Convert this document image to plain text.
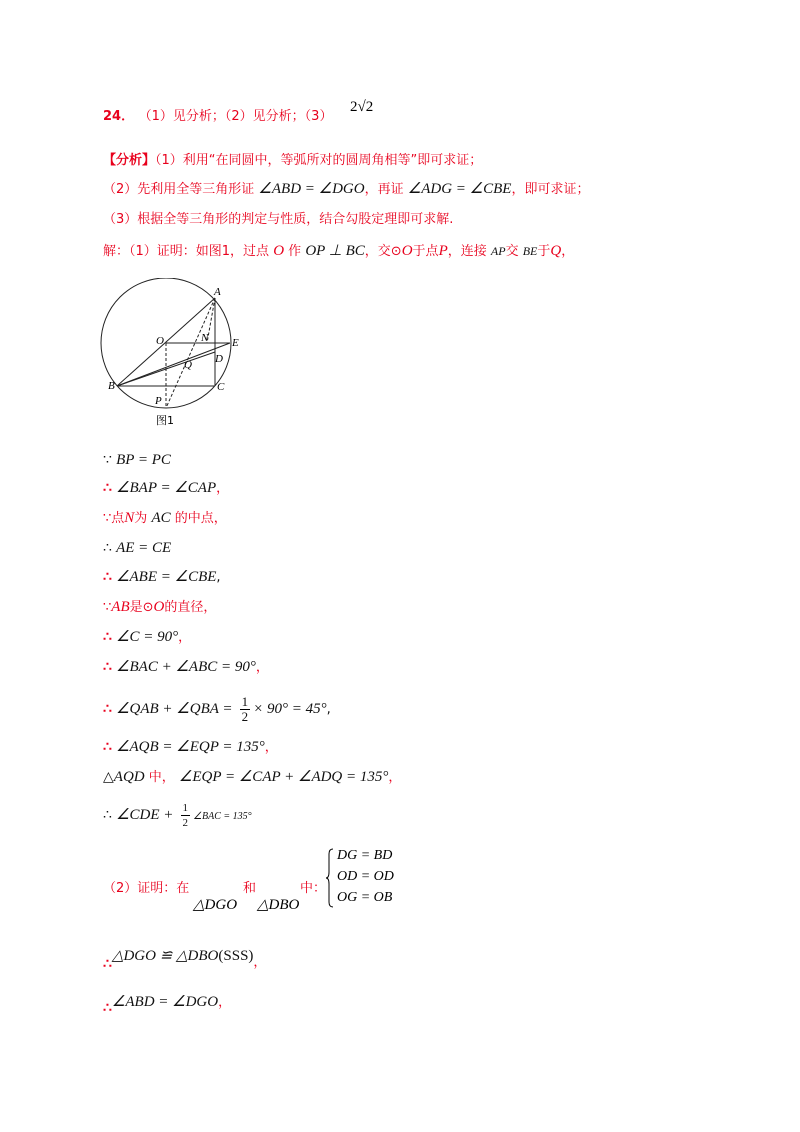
24． （1）见分析；（2）见分析；（3）
2√2
【分析】（1）利用“在同圆中，等弧所对的圆周角相等”即可求证；
（2）先利用全等三角形证 ∠ABD = ∠DGO，再证 ∠ADG = ∠CBE，即可求证；
（3）根据全等三角形的判定与性质，结合勾股定理即可求解.
解：（1）证明：如图1，过点 O 作 OP ⊥ BC，交⊙O于点P，连接 AP交 BE于Q，
A
O	N E
D
Q
B	C
P
图1
∵ BP = PC
∴ ∠BAP = ∠CAP，
∵点N为 AC 的中点，
∴ AE = CE
∴ ∠ABE = ∠CBE,
∵AB是⊙O的直径，
∴ ∠C = 90°，
∴ ∠BAC + ∠ABC = 90°，
∴ ∠QAB + ∠QBA = $\frac{1}{2} \times 90^\circ = 45^\circ$,
∴ ∠AQB = ∠EQP = 135°，
△AQD 中， ∠EQP = ∠CAP + ∠ADQ = 135°，
∴ ∠CDE + $\frac{1}{2}$ ∠BAC = 135°
（2）证明：在
△DGO
和
△DBO
中：
DG = BD
OD = OD
OG = OB
∴△DGO ≌ △DBO(SSS)，
∴∠ABD = ∠DGO，
